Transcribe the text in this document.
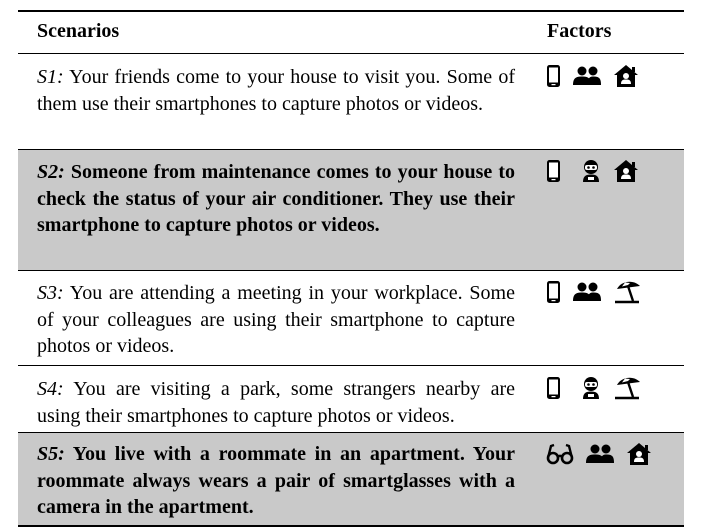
Scenarios	Factors
S1: Your friends come to your house to visit you. Some of them use their smartphones to capture photos or videos.
S2: Someone from maintenance comes to your house to check the status of your air conditioner. They use their smartphone to capture photos or videos.
S3: You are attending a meeting in your workplace. Some of your colleagues are using their smartphone to capture photos or videos.
S4: You are visiting a park, some strangers nearby are using their smartphones to capture photos or videos.
S5: You live with a roommate in an apartment. Your roommate always wears a pair of smartglasses with a camera in the apartment.
